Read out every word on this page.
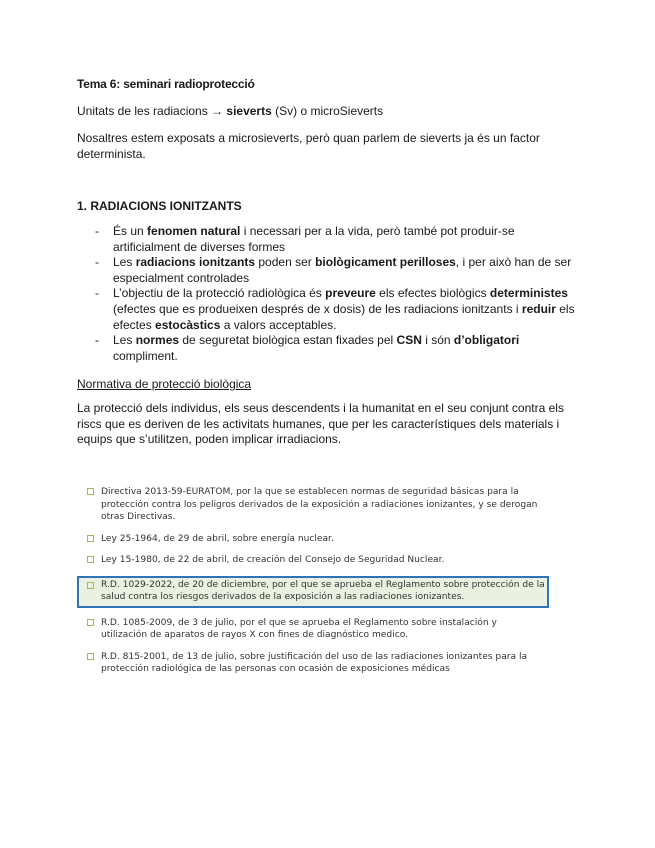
Tema 6: seminari radioprotecció

Unitats de les radiacions → sieverts (Sv) o microSieverts

Nosaltres estem exposats a microsieverts, però quan parlem de sieverts ja és un factor determinista.

1. RADIACIONS IONITZANTS

- És un fenomen natural i necessari per a la vida, però també pot produir-se artificialment de diverses formes
- Les radiacions ionitzants poden ser biològicament perilloses, i per això han de ser especialment controlades
- L’objectiu de la protecció radiològica és preveure els efectes biològics deterministes (efectes que es produeixen després de x dosis) de les radiacions ionitzants i reduir els efectes estocàstics a valors acceptables.
- Les normes de seguretat biològica estan fixades pel CSN i són d’obligatori compliment.

Normativa de protecció biològica

La protecció dels individus, els seus descendents i la humanitat en el seu conjunt contra els riscs que es deriven de les activitats humanes, que per les característiques dels materials i equips que s’utilitzen, poden implicar irradiacions.

Directiva 2013-59-EURATOM, por la que se establecen normas de seguridad básicas para la protección contra los peligros derivados de la exposición a radiaciones ionizantes, y se derogan otras Directivas.
Ley 25-1964, de 29 de abril, sobre energía nuclear.
Ley 15-1980, de 22 de abril, de creación del Consejo de Seguridad Nuclear.
R.D. 1029-2022, de 20 de diciembre, por el que se aprueba el Reglamento sobre protección de la salud contra los riesgos derivados de la exposición a las radiaciones ionizantes.
R.D. 1085-2009, de 3 de julio, por el que se aprueba el Reglamento sobre instalación y utilización de aparatos de rayos X con fines de diagnóstico medico.
R.D. 815-2001, de 13 de julio, sobre justificación del uso de las radiaciones ionizantes para la protección radiológica de las personas con ocasión de exposiciones médicas
